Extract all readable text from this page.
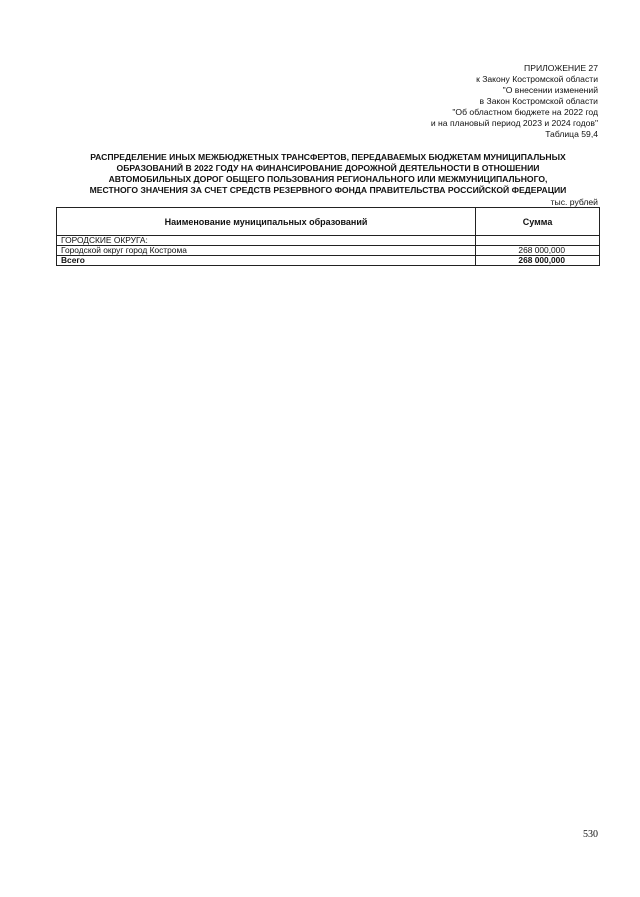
ПРИЛОЖЕНИЕ 27
к Закону Костромской области
"О внесении изменений
в Закон Костромской области
"Об областном бюджете на 2022 год
и на плановый период 2023 и 2024 годов"
Таблица 59,4
РАСПРЕДЕЛЕНИЕ ИНЫХ МЕЖБЮДЖЕТНЫХ ТРАНСФЕРТОВ, ПЕРЕДАВАЕМЫХ БЮДЖЕТАМ МУНИЦИПАЛЬНЫХ
ОБРАЗОВАНИЙ В 2022 ГОДУ НА ФИНАНСИРОВАНИЕ ДОРОЖНОЙ ДЕЯТЕЛЬНОСТИ В ОТНОШЕНИИ
АВТОМОБИЛЬНЫХ ДОРОГ ОБЩЕГО ПОЛЬЗОВАНИЯ РЕГИОНАЛЬНОГО ИЛИ МЕЖМУНИЦИПАЛЬНОГО,
МЕСТНОГО ЗНАЧЕНИЯ ЗА СЧЕТ СРЕДСТВ РЕЗЕРВНОГО ФОНДА ПРАВИТЕЛЬСТВА РОССИЙСКОЙ ФЕДЕРАЦИИ
тыс. рублей
Наименование муниципальных образований	Сумма
ГОРОДСКИЕ ОКРУГА:	
Городской округ город Кострома	268 000,000
Всего	268 000,000
530
